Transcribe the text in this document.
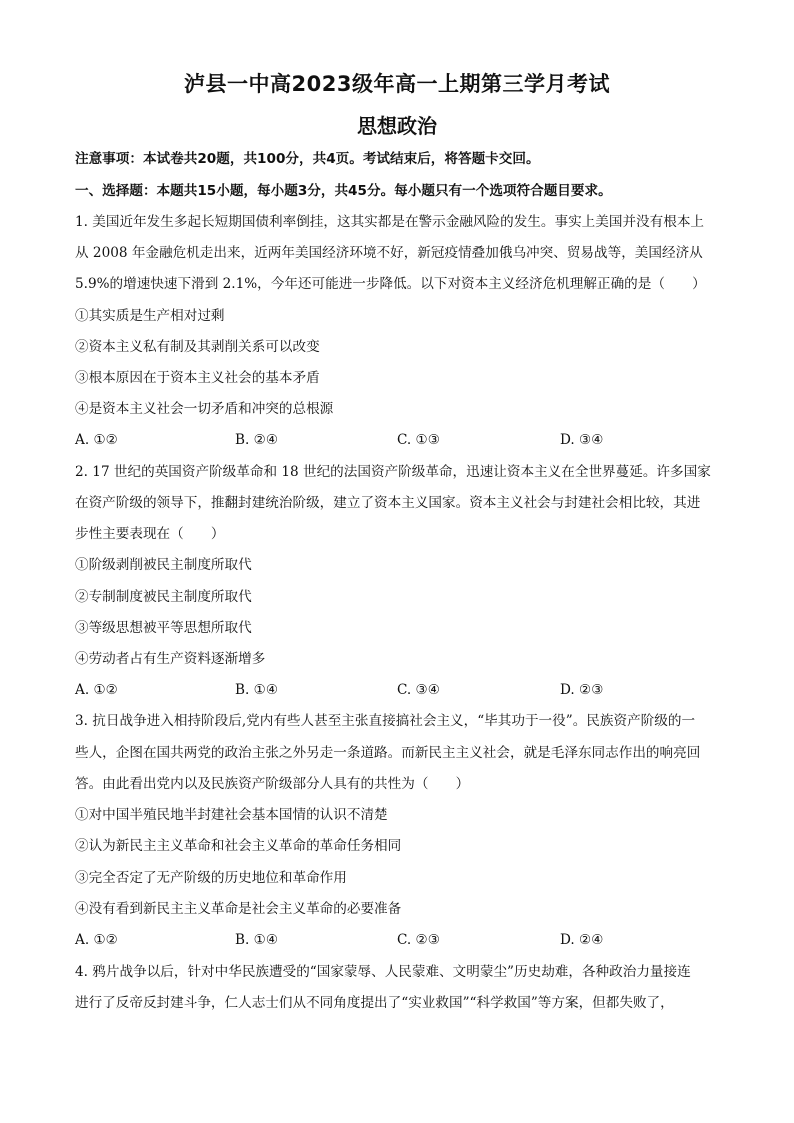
泸县一中高2023级年高一上期第三学月考试
思想政治
注意事项：本试卷共20题，共100分，共4页。考试结束后，将答题卡交回。
一、选择题：本题共15小题，每小题3分，共45分。每小题只有一个选项符合题目要求。
1. 美国近年发生多起长短期国债利率倒挂，这其实都是在警示金融风险的发生。事实上美国并没有根本上
从 2008 年金融危机走出来，近两年美国经济环境不好，新冠疫情叠加俄乌冲突、贸易战等，美国经济从
5.9%的增速快速下滑到 2.1%，今年还可能进一步降低。以下对资本主义经济危机理解正确的是（　　）
①其实质是生产相对过剩
②资本主义私有制及其剥削关系可以改变
③根本原因在于资本主义社会的基本矛盾
④是资本主义社会一切矛盾和冲突的总根源
A. ①②	B. ②④	C. ①③	D. ③④
2. 17 世纪的英国资产阶级革命和 18 世纪的法国资产阶级革命，迅速让资本主义在全世界蔓延。许多国家
在资产阶级的领导下，推翻封建统治阶级，建立了资本主义国家。资本主义社会与封建社会相比较，其进
步性主要表现在（　　）
①阶级剥削被民主制度所取代
②专制制度被民主制度所取代
③等级思想被平等思想所取代
④劳动者占有生产资料逐渐增多
A. ①②	B. ①④	C. ③④	D. ②③
3. 抗日战争进入相持阶段后,党内有些人甚至主张直接搞社会主义，“毕其功于一役”。民族资产阶级的一
些人，企图在国共两党的政治主张之外另走一条道路。而新民主主义社会，就是毛泽东同志作出的响亮回
答。由此看出党内以及民族资产阶级部分人具有的共性为（　　）
①对中国半殖民地半封建社会基本国情的认识不清楚
②认为新民主主义革命和社会主义革命的革命任务相同
③完全否定了无产阶级的历史地位和革命作用
④没有看到新民主主义革命是社会主义革命的必要准备
A. ①②	B. ①④	C. ②③	D. ②④
4. 鸦片战争以后，针对中华民族遭受的“国家蒙辱、人民蒙难、文明蒙尘”历史劫难，各种政治力量接连
进行了反帝反封建斗争，仁人志士们从不同角度提出了“实业救国”“科学救国”等方案，但都失败了，
